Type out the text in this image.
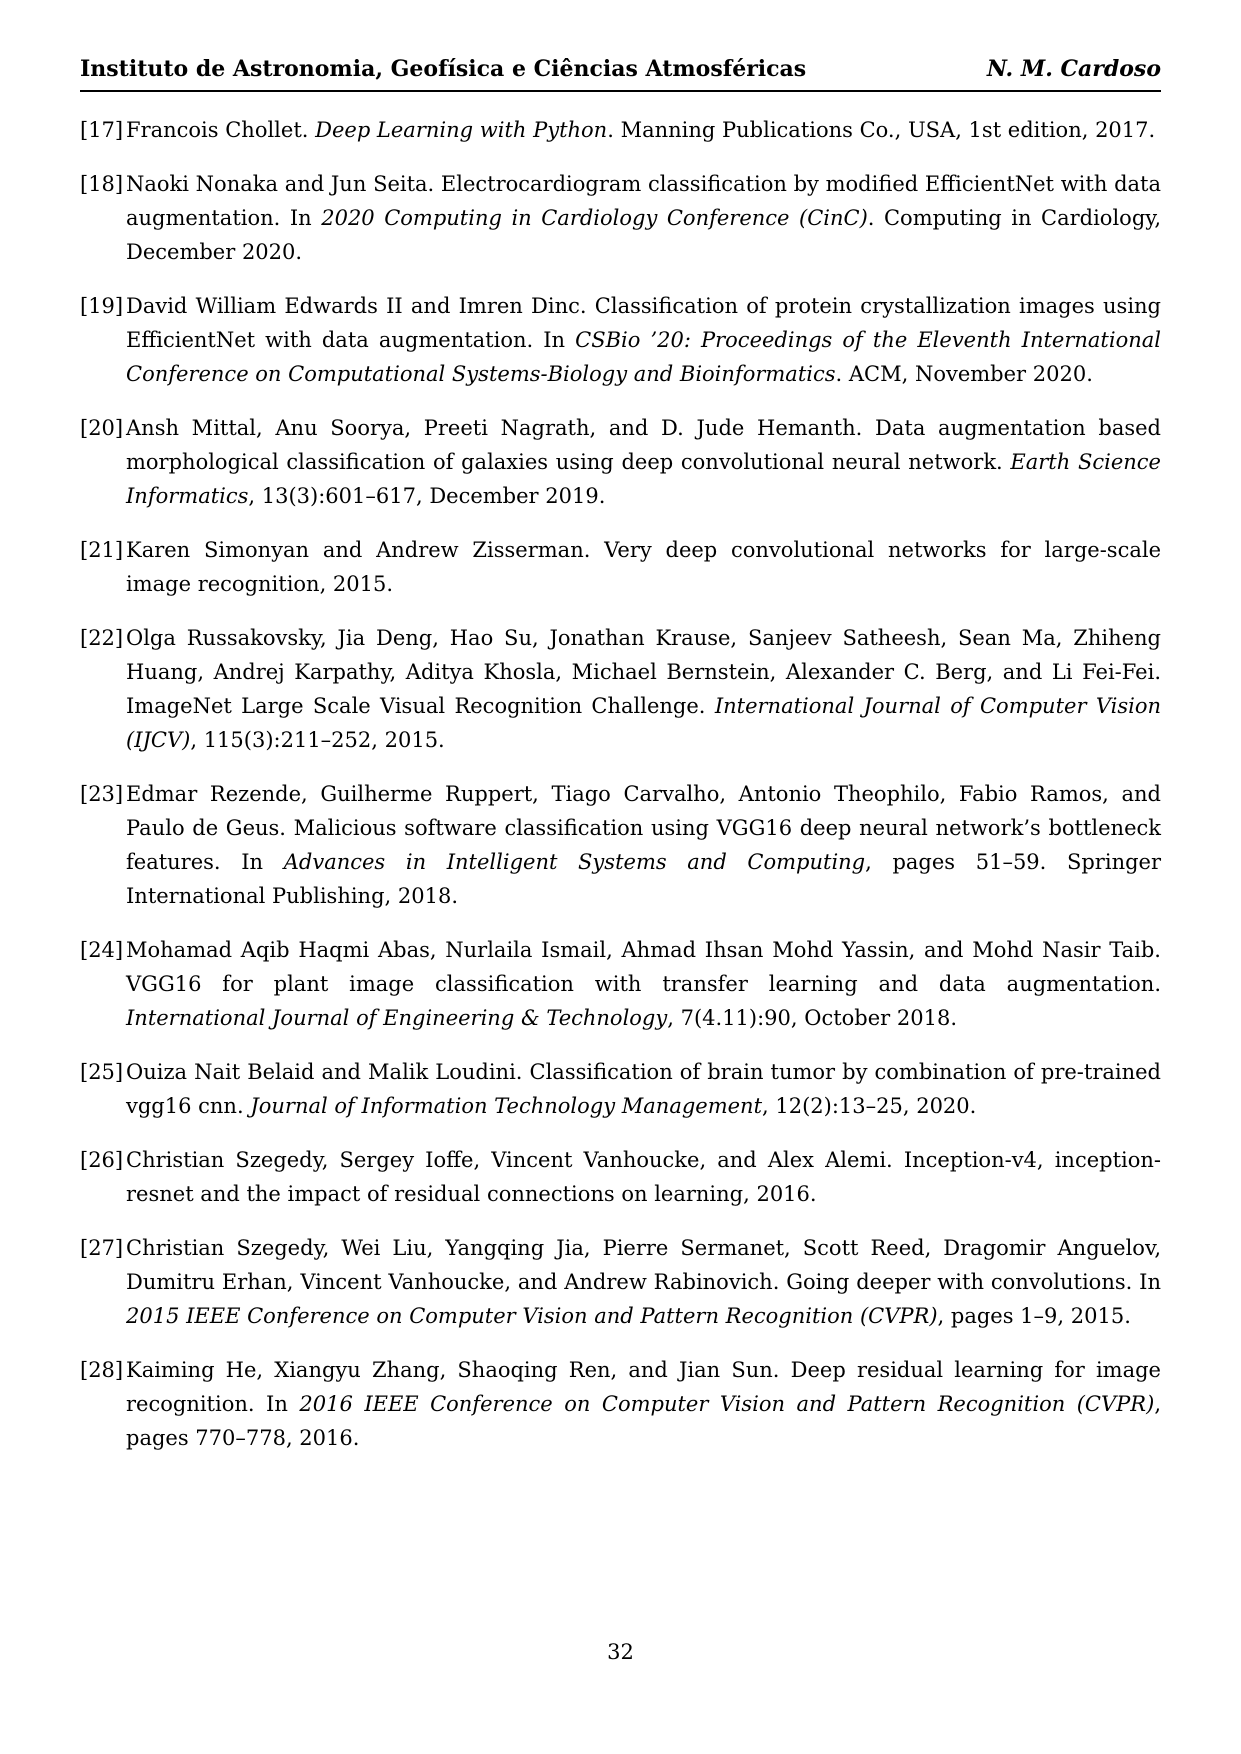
Instituto de Astronomia, Geofísica e Ciências Atmosféricas	N. M. Cardoso
[17] Francois Chollet. Deep Learning with Python. Manning Publications Co., USA, 1st edition, 2017.
[18] Naoki Nonaka and Jun Seita. Electrocardiogram classification by modified EfficientNet with data augmentation. In 2020 Computing in Cardiology Conference (CinC). Computing in Cardiology, December 2020.
[19] David William Edwards II and Imren Dinc. Classification of protein crystallization images using EfficientNet with data augmentation. In CSBio ’20: Proceedings of the Eleventh International Conference on Computational Systems-Biology and Bioinformatics. ACM, November 2020.
[20] Ansh Mittal, Anu Soorya, Preeti Nagrath, and D. Jude Hemanth. Data augmentation based morphological classification of galaxies using deep convolutional neural network. Earth Science Informatics, 13(3):601–617, December 2019.
[21] Karen Simonyan and Andrew Zisserman. Very deep convolutional networks for large-scale image recognition, 2015.
[22] Olga Russakovsky, Jia Deng, Hao Su, Jonathan Krause, Sanjeev Satheesh, Sean Ma, Zhiheng Huang, Andrej Karpathy, Aditya Khosla, Michael Bernstein, Alexander C. Berg, and Li Fei-Fei. ImageNet Large Scale Visual Recognition Challenge. International Journal of Computer Vision (IJCV), 115(3):211–252, 2015.
[23] Edmar Rezende, Guilherme Ruppert, Tiago Carvalho, Antonio Theophilo, Fabio Ramos, and Paulo de Geus. Malicious software classification using VGG16 deep neural network’s bottleneck features. In Advances in Intelligent Systems and Computing, pages 51–59. Springer International Publishing, 2018.
[24] Mohamad Aqib Haqmi Abas, Nurlaila Ismail, Ahmad Ihsan Mohd Yassin, and Mohd Nasir Taib. VGG16 for plant image classification with transfer learning and data augmentation. International Journal of Engineering & Technology, 7(4.11):90, October 2018.
[25] Ouiza Nait Belaid and Malik Loudini. Classification of brain tumor by combination of pre-trained vgg16 cnn. Journal of Information Technology Management, 12(2):13–25, 2020.
[26] Christian Szegedy, Sergey Ioffe, Vincent Vanhoucke, and Alex Alemi. Inception-v4, inception-resnet and the impact of residual connections on learning, 2016.
[27] Christian Szegedy, Wei Liu, Yangqing Jia, Pierre Sermanet, Scott Reed, Dragomir Anguelov, Dumitru Erhan, Vincent Vanhoucke, and Andrew Rabinovich. Going deeper with convolutions. In 2015 IEEE Conference on Computer Vision and Pattern Recognition (CVPR), pages 1–9, 2015.
[28] Kaiming He, Xiangyu Zhang, Shaoqing Ren, and Jian Sun. Deep residual learning for image recognition. In 2016 IEEE Conference on Computer Vision and Pattern Recognition (CVPR), pages 770–778, 2016.
32
